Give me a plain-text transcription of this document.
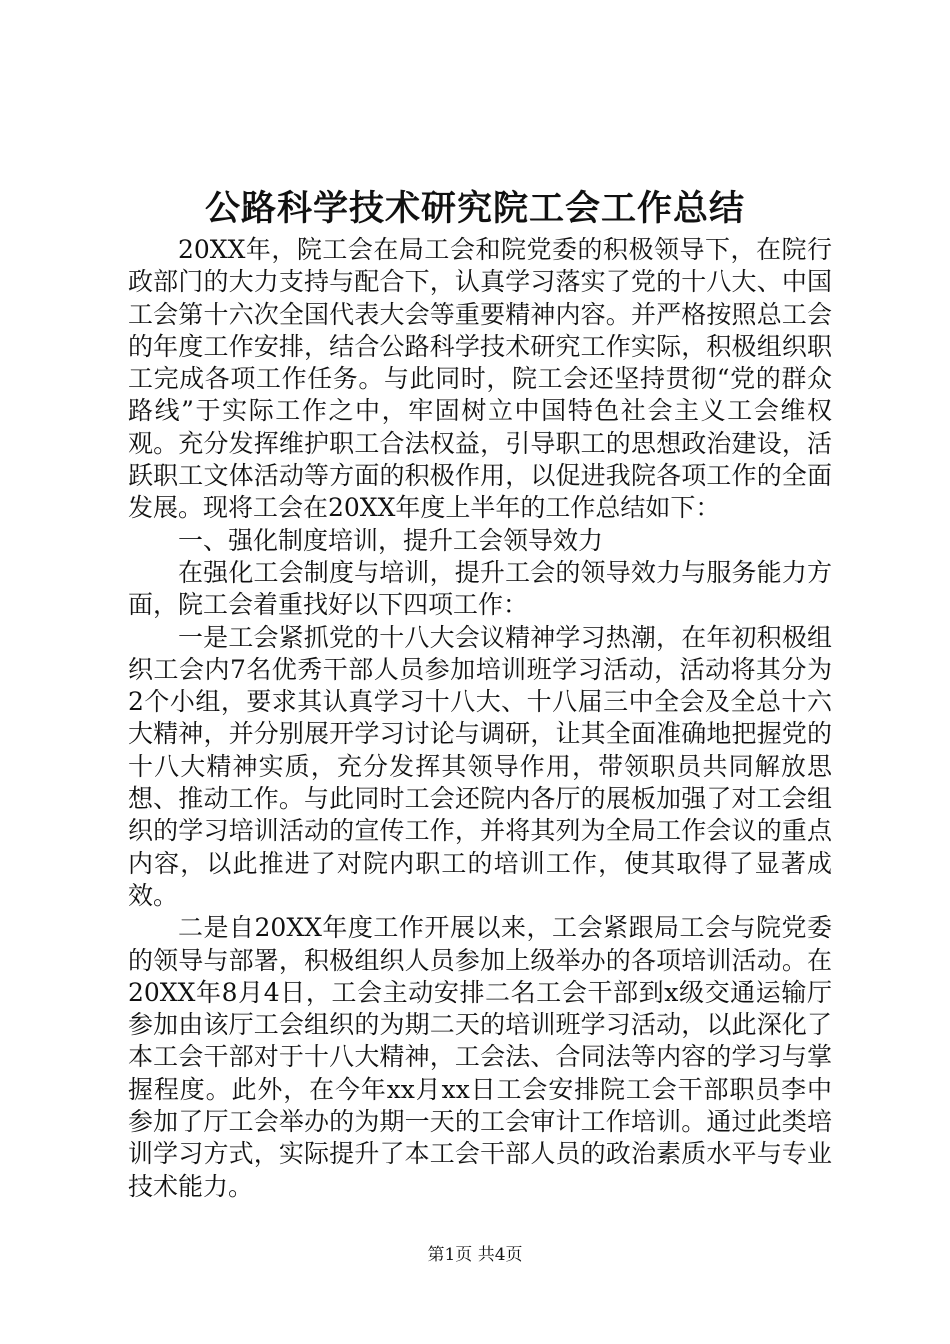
公路科学技术研究院工会工作总结

20XX年，院工会在局工会和院党委的积极领导下，在院行政部门的大力支持与配合下，认真学习落实了党的十八大、中国工会第十六次全国代表大会等重要精神内容。并严格按照总工会的年度工作安排，结合公路科学技术研究工作实际，积极组织职工完成各项工作任务。与此同时，院工会还坚持贯彻“党的群众路线”于实际工作之中，牢固树立中国特色社会主义工会维权观。充分发挥维护职工合法权益，引导职工的思想政治建设，活跃职工文体活动等方面的积极作用，以促进我院各项工作的全面发展。现将工会在20XX年度上半年的工作总结如下：

一、强化制度培训，提升工会领导效力

在强化工会制度与培训，提升工会的领导效力与服务能力方面，院工会着重找好以下四项工作：

一是工会紧抓党的十八大会议精神学习热潮，在年初积极组织工会内7名优秀干部人员参加培训班学习活动，活动将其分为2个小组，要求其认真学习十八大、十八届三中全会及全总十六大精神，并分别展开学习讨论与调研，让其全面准确地把握党的十八大精神实质，充分发挥其领导作用，带领职员共同解放思想、推动工作。与此同时工会还院内各厅的展板加强了对工会组织的学习培训活动的宣传工作，并将其列为全局工作会议的重点内容，以此推进了对院内职工的培训工作，使其取得了显著成效。

二是自20XX年度工作开展以来，工会紧跟局工会与院党委的领导与部署，积极组织人员参加上级举办的各项培训活动。在20XX年8月4日，工会主动安排二名工会干部到x级交通运输厅参加由该厅工会组织的为期二天的培训班学习活动，以此深化了本工会干部对于十八大精神，工会法、合同法等内容的学习与掌握程度。此外，在今年xx月xx日工会安排院工会干部职员李中参加了厅工会举办的为期一天的工会审计工作培训。通过此类培训学习方式，实际提升了本工会干部人员的政治素质水平与专业技术能力。

第1页 共4页
